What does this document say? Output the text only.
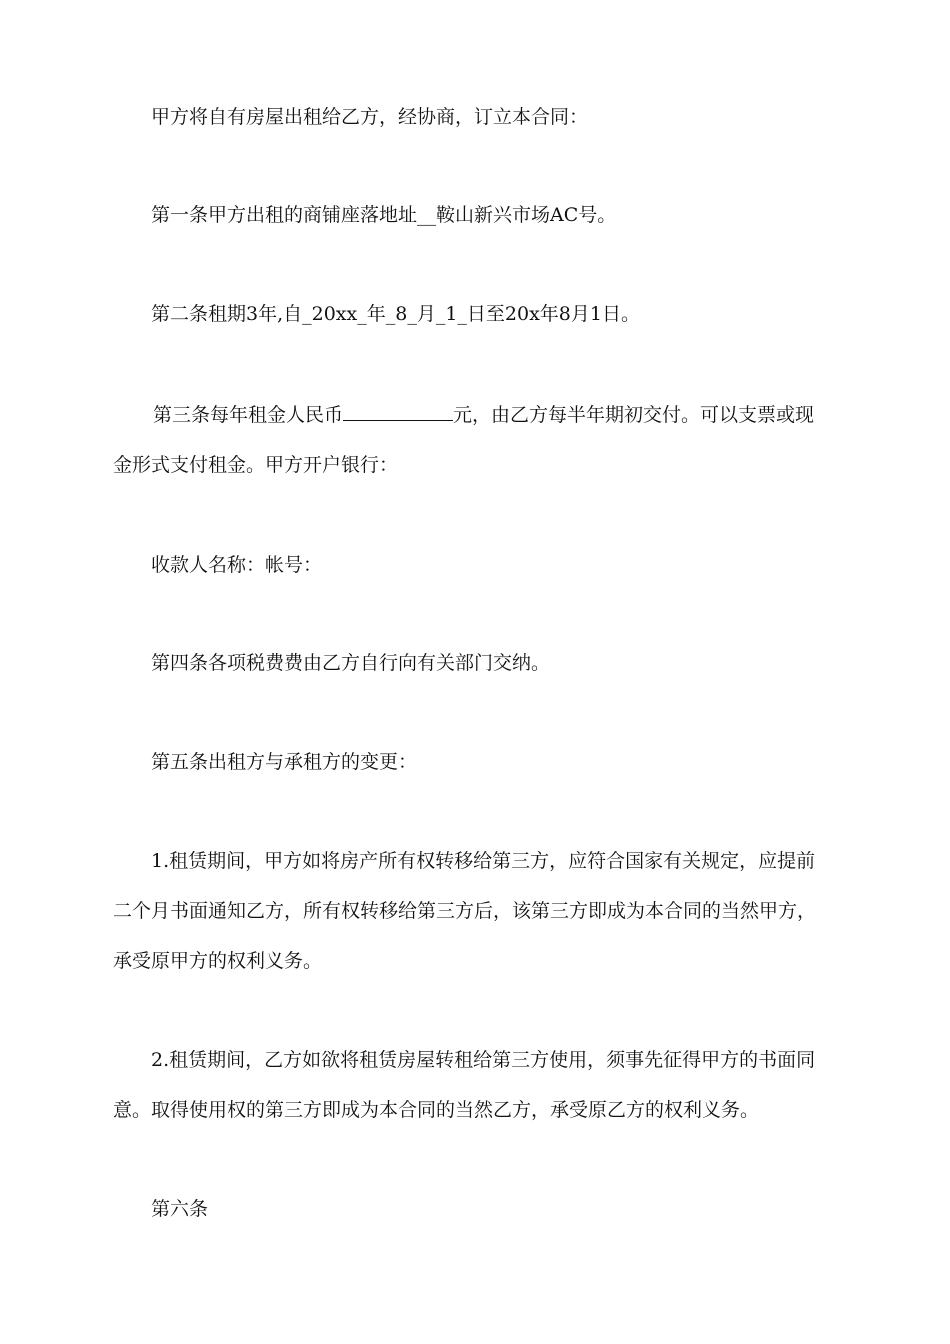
甲方将自有房屋出租给乙方，经协商，订立本合同：

第一条甲方出租的商铺座落地址__鞍山新兴市场AC号。

第二条租期3年,自_20xx_年_8_月_1_日至20x年8月1日。

第三条每年租金人民币	元，由乙方每半年期初交付。可以支票或现
金形式支付租金。甲方开户银行：

收款人名称：帐号：

第四条各项税费费由乙方自行向有关部门交纳。

第五条出租方与承租方的变更：

1.租赁期间，甲方如将房产所有权转移给第三方，应符合国家有关规定，应提前
二个月书面通知乙方，所有权转移给第三方后，该第三方即成为本合同的当然甲方，
承受原甲方的权利义务。

2.租赁期间，乙方如欲将租赁房屋转租给第三方使用，须事先征得甲方的书面同
意。取得使用权的第三方即成为本合同的当然乙方，承受原乙方的权利义务。

第六条
